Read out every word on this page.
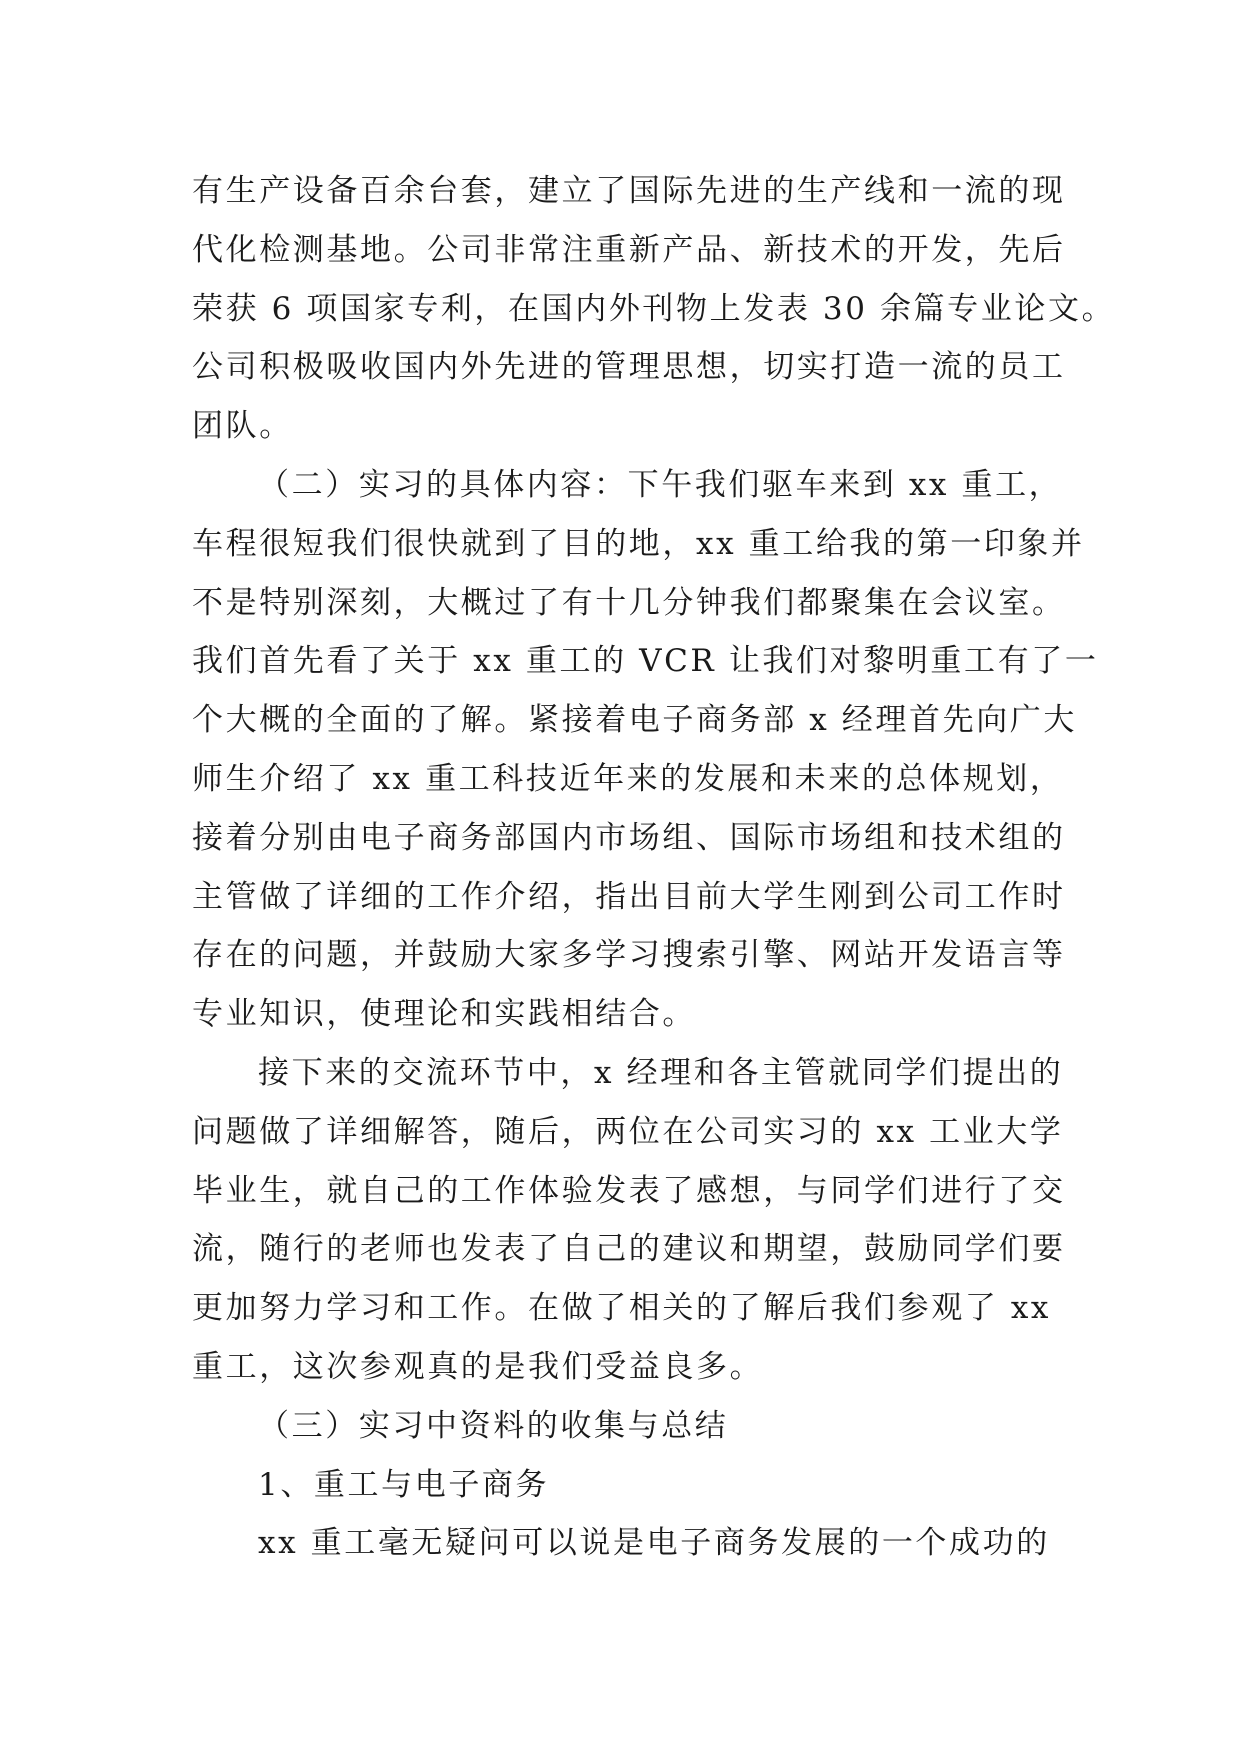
有生产设备百余台套，建立了国际先进的生产线和一流的现
代化检测基地。公司非常注重新产品、新技术的开发，先后
荣获 6 项国家专利，在国内外刊物上发表 30 余篇专业论文。
公司积极吸收国内外先进的管理思想，切实打造一流的员工
团队。

（二）实习的具体内容：下午我们驱车来到 xx 重工，
车程很短我们很快就到了目的地，xx 重工给我的第一印象并
不是特别深刻，大概过了有十几分钟我们都聚集在会议室。
我们首先看了关于 xx 重工的 VCR 让我们对黎明重工有了一
个大概的全面的了解。紧接着电子商务部 x 经理首先向广大
师生介绍了 xx 重工科技近年来的发展和未来的总体规划，
接着分别由电子商务部国内市场组、国际市场组和技术组的
主管做了详细的工作介绍，指出目前大学生刚到公司工作时
存在的问题，并鼓励大家多学习搜索引擎、网站开发语言等
专业知识，使理论和实践相结合。

接下来的交流环节中，x 经理和各主管就同学们提出的
问题做了详细解答，随后，两位在公司实习的 xx 工业大学
毕业生，就自己的工作体验发表了感想，与同学们进行了交
流，随行的老师也发表了自己的建议和期望，鼓励同学们要
更加努力学习和工作。在做了相关的了解后我们参观了 xx
重工，这次参观真的是我们受益良多。

（三）实习中资料的收集与总结

1、重工与电子商务

xx 重工毫无疑问可以说是电子商务发展的一个成功的
